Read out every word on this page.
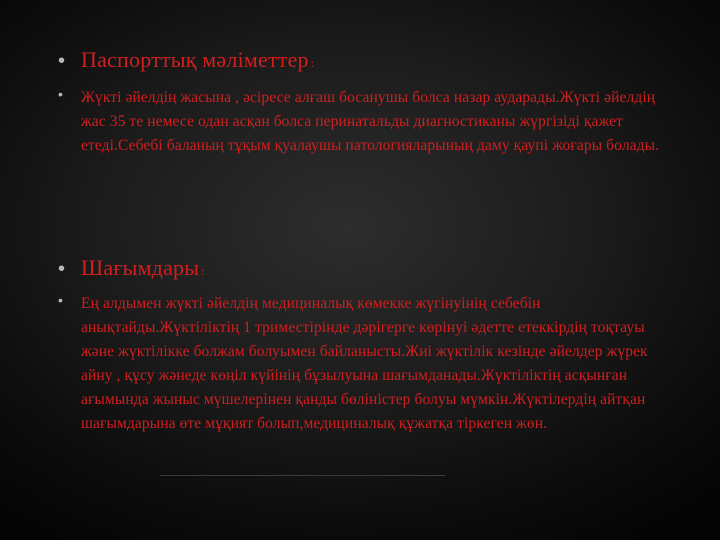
• Паспорттық мәліметтер :
• Жүкті әйелдің жасына , әсіресе алғаш босанушы болса назар аударады.Жүкті әйелдің жас 35 те немесе одан асқан болса перинатальды диагностиканы жүргізіді қажет етеді.Себебі баланың тұқым қуалаушы патологияларының даму қаупі жоғары болады.
• Шағымдары :
• Ең алдымен жүкті әйелдің медициналық көмекке жүгінуінің себебін анықтайды.Жүктіліктің 1 триместірінде дәрігерге көрінуі әдетте етеккірдің тоқтауы және жүктілікке болжам болуымен байланысты.Жиі жүктілік кезінде әйелдер жүрек айну , құсу жәнеде көңіл күйінің бұзылуына шағымданады.Жүктіліктің асқынған ағымында жыныс мүшелерінен қанды бөліністер болуы мүмкін.Жүктілердің айтқан шағымдарына өте мұқият болып,медициналық құжатқа тіркеген жөн.
